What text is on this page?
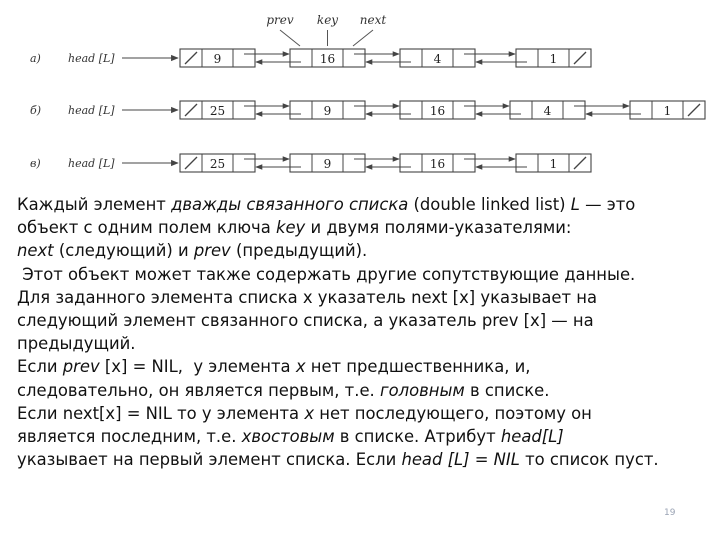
prev key next
а) head [L]	9	16	4	1
б) head [L]	25	9	16	4	1
в) head [L]	25	9	16	1

Каждый элемент дважды связанного списка (double linked list) L — это

объект с одним полем ключа key и двумя полями-указателями:

next (следующий) и prev (предыдущий).

Этот объект может также содержать другие сопутствующие данные.

Для заданного элемента списка x указатель next [x] указывает на

следующий элемент связанного списка, а указатель prev [x] — на

предыдущий.

Если prev [x] = NIL,  у элемента x нет предшественника, и,

следовательно, он является первым, т.е. головным в списке.

Если next[x] = NIL то у элемента x нет последующего, поэтому он

является последним, т.е. хвостовым в списке. Атрибут head[L]

указывает на первый элемент списка. Если head [L] = NIL то список пуст.

19
